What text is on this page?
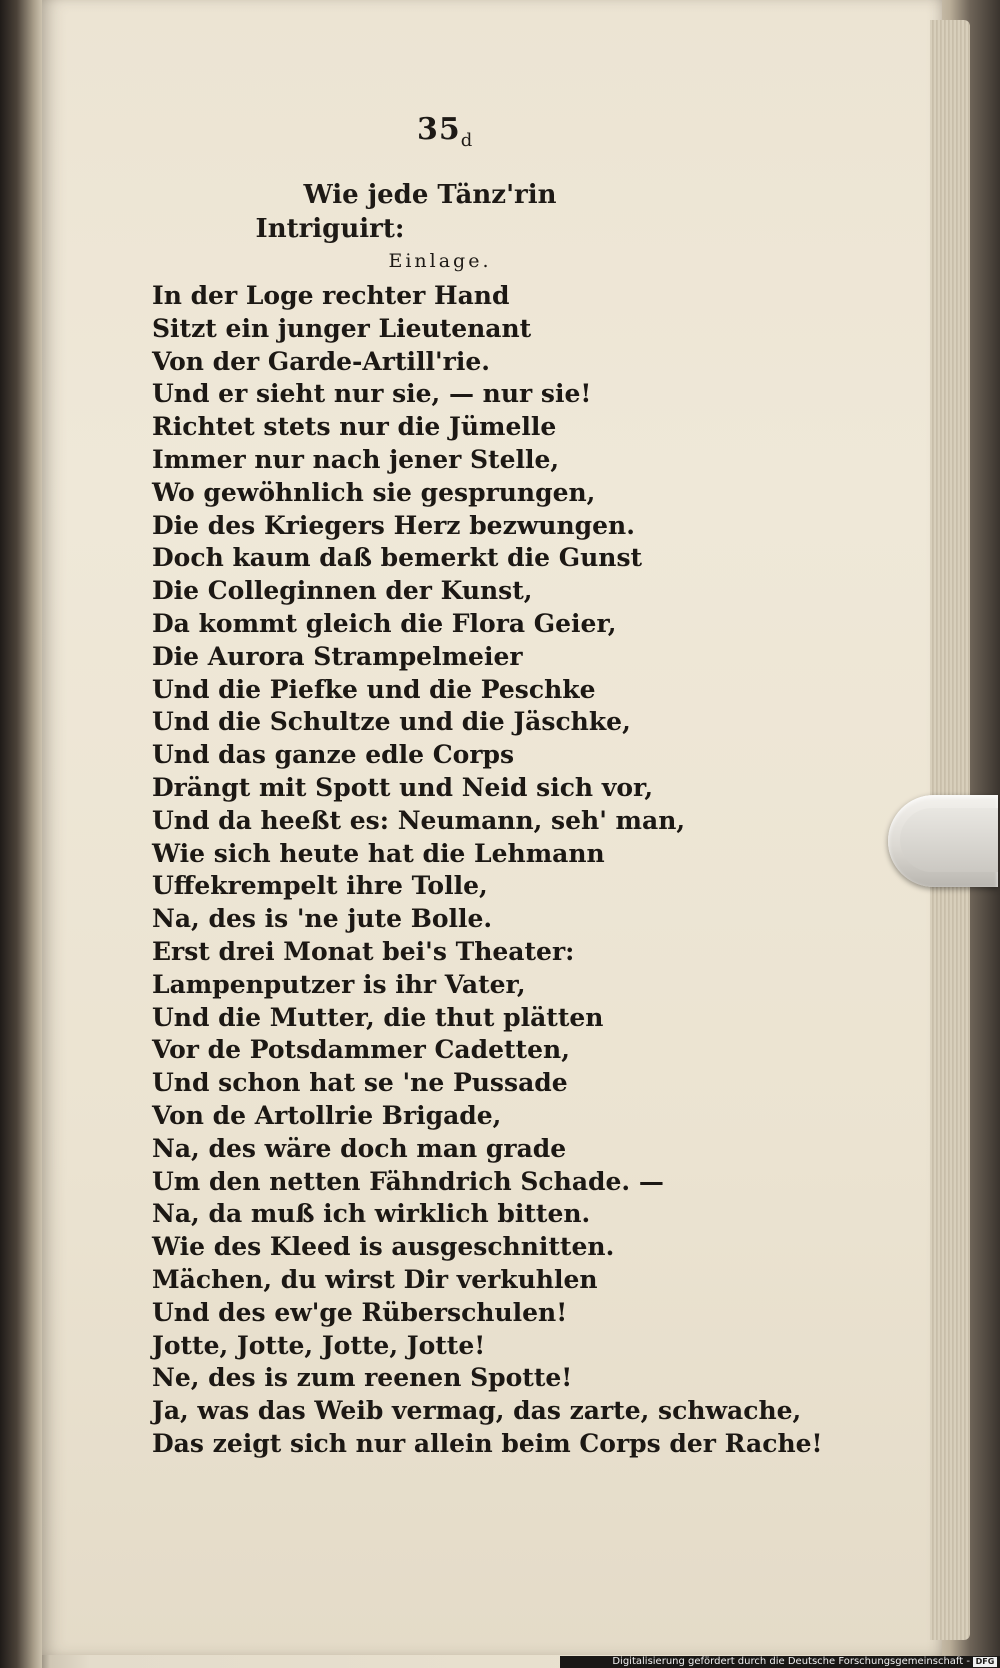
$35_d$
Wie jede Tänz'rin
Intriguirt:
Einlage.
In der Loge rechter Hand
Sitzt ein junger Lieutenant
Von der Garde-Artill'rie.
Und er sieht nur sie, — nur sie!
Richtet stets nur die Jümelle
Immer nur nach jener Stelle,
Wo gewöhnlich sie gesprungen,
Die des Kriegers Herz bezwungen.
Doch kaum daß bemerkt die Gunst
Die Colleginnen der Kunst,
Da kommt gleich die Flora Geier,
Die Aurora Strampelmeier
Und die Piefke und die Peschke
Und die Schultze und die Jäschke,
Und das ganze edle Corps
Drängt mit Spott und Neid sich vor,
Und da heeßt es: Neumann, seh' man,
Wie sich heute hat die Lehmann
Uffekrempelt ihre Tolle,
Na, des is 'ne jute Bolle.
Erst drei Monat bei's Theater:
Lampenputzer is ihr Vater,
Und die Mutter, die thut plätten
Vor de Potsdammer Cadetten,
Und schon hat se 'ne Pussade
Von de Artollrie Brigade,
Na, des wäre doch man grade
Um den netten Fähndrich Schade. —
Na, da muß ich wirklich bitten.
Wie des Kleed is ausgeschnitten.
Mächen, du wirst Dir verkuhlen
Und des ew'ge Rüberschulen!
Jotte, Jotte, Jotte, Jotte!
Ne, des is zum reenen Spotte!
Ja, was das Weib vermag, das zarte, schwache,
Das zeigt sich nur allein beim Corps der Rache!
Digitalisierung gefördert durch die Deutsche Forschungsgemeinschaft - DFG
